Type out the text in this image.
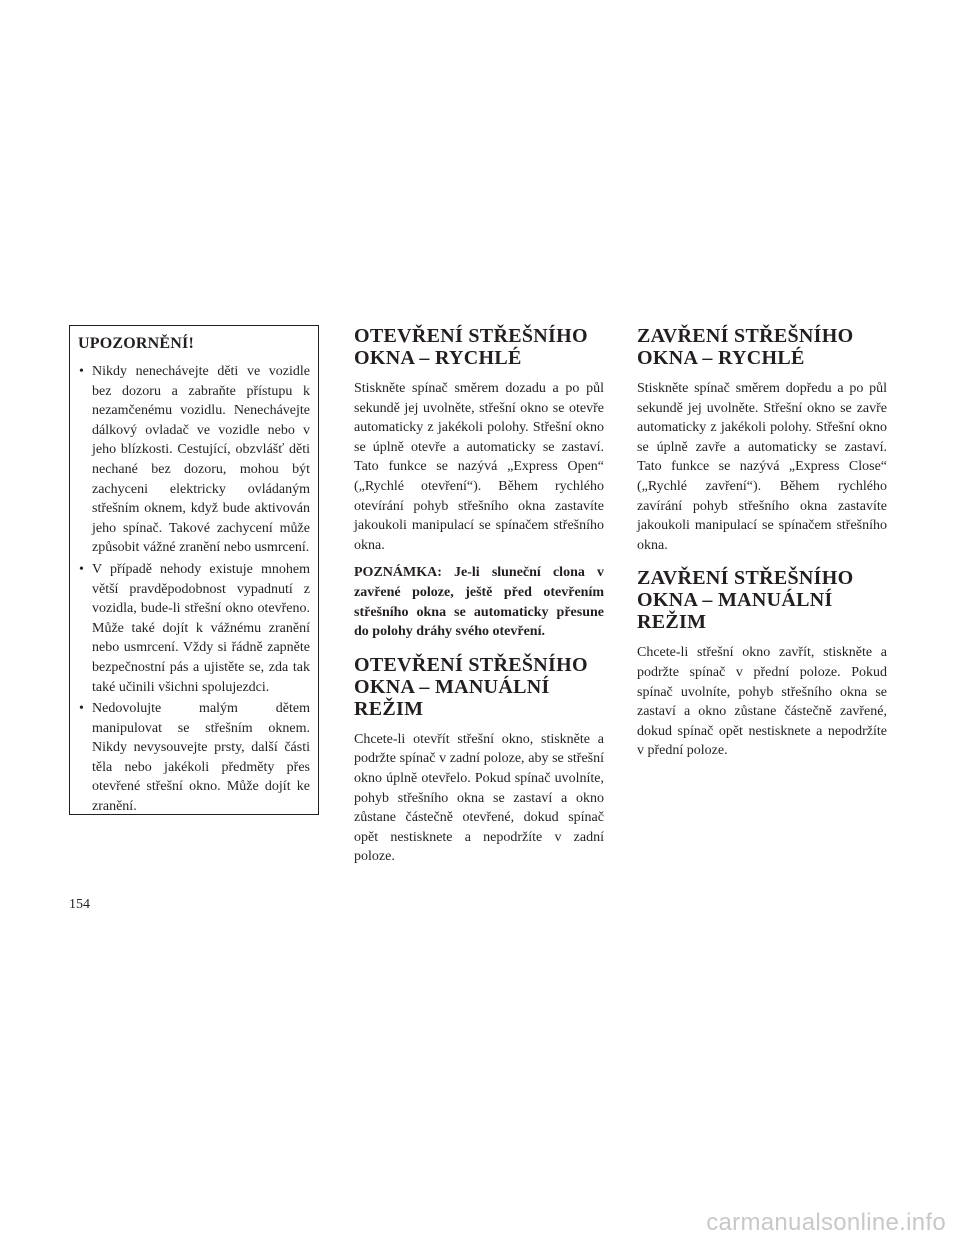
UPOZORNĚNÍ!
• Nikdy nenechávejte děti ve vozidle bez dozoru a zabraňte přístupu k nezamčenému vozidlu. Nenechávejte dálkový ovladač ve vozidle nebo v jeho blízkosti. Cestující, obzvlášť děti nechané bez dozoru, mohou být zachyceni elektricky ovládaným střešním oknem, když bude aktivován jeho spínač. Takové zachycení může způsobit vážné zranění nebo usmrcení.
• V případě nehody existuje mnohem větší pravděpodobnost vypadnutí z vozidla, bude-li střešní okno otevřeno. Může také dojít k vážnému zranění nebo usmrcení. Vždy si řádně zapněte bezpečnostní pás a ujistěte se, zda tak také učinili všichni spolujezdci.
• Nedovolujte malým dětem manipulovat se střešním oknem. Nikdy nevysouvejte prsty, další části těla nebo jakékoli předměty přes otevřené střešní okno. Může dojít ke zranění.
OTEVŘENÍ STŘEŠNÍHO OKNA – RYCHLÉ

Stiskněte spínač směrem dozadu a po půl sekundě jej uvolněte, střešní okno se otevře automaticky z jakékoli polohy. Střešní okno se úplně otevře a automaticky se zastaví. Tato funkce se nazývá „Express Open“ („Rychlé otevření“). Během rychlého otevírání pohyb střešního okna zastavíte jakoukoli manipulací se spínačem střešního okna.

POZNÁMKA: Je-li sluneční clona v zavřené poloze, ještě před otevřením střešního okna se automaticky přesune do polohy dráhy svého otevření.

OTEVŘENÍ STŘEŠNÍHO OKNA – MANUÁLNÍ REŽIM

Chcete-li otevřít střešní okno, stiskněte a podržte spínač v zadní poloze, aby se střešní okno úplně otevřelo. Pokud spínač uvolníte, pohyb střešního okna se zastaví a okno zůstane částečně otevřené, dokud spínač opět nestisknete a nepodržíte v zadní poloze.

ZAVŘENÍ STŘEŠNÍHO OKNA – RYCHLÉ

Stiskněte spínač směrem dopředu a po půl sekundě jej uvolněte. Střešní okno se zavře automaticky z jakékoli polohy. Střešní okno se úplně zavře a automaticky se zastaví. Tato funkce se nazývá „Express Close“ („Rychlé zavření“). Během rychlého zavírání pohyb střešního okna zastavíte jakoukoli manipulací se spínačem střešního okna.

ZAVŘENÍ STŘEŠNÍHO OKNA – MANUÁLNÍ REŽIM

Chcete-li střešní okno zavřít, stiskněte a podržte spínač v přední poloze. Pokud spínač uvolníte, pohyb střešního okna se zastaví a okno zůstane částečně zavřené, dokud spínač opět nestisknete a nepodržíte v přední poloze.

154
carmanualsonline.info
